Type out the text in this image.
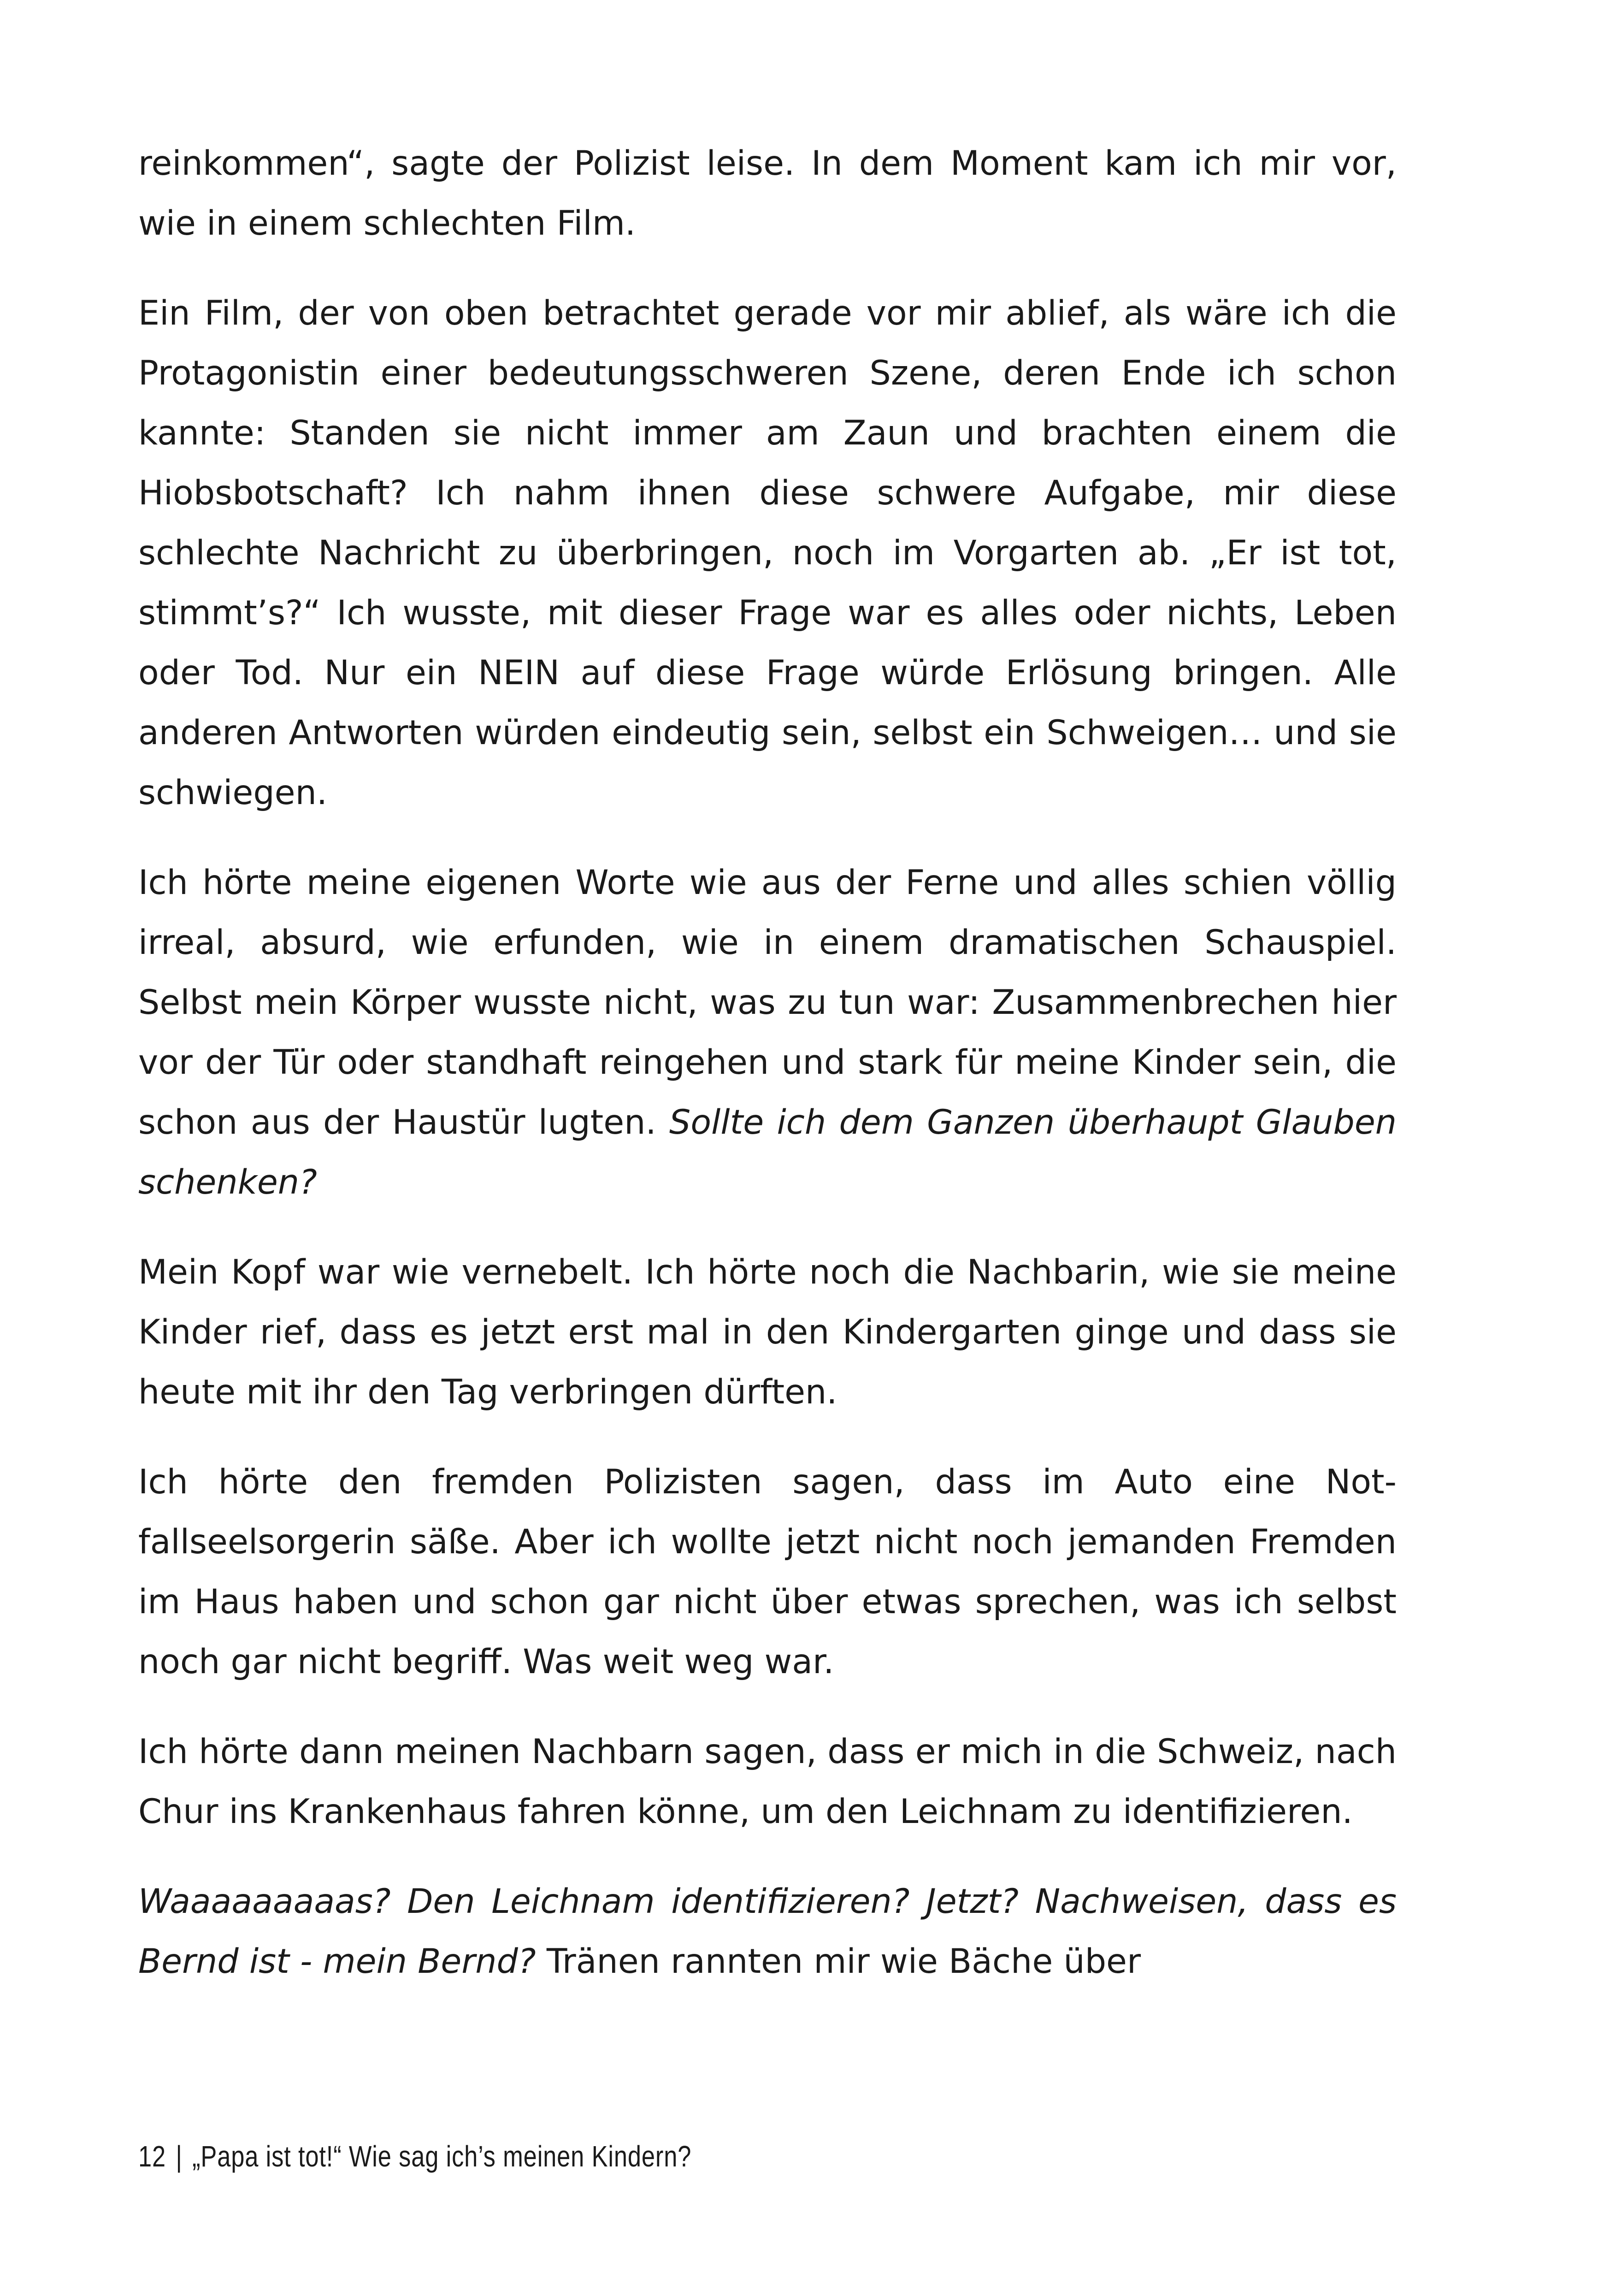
reinkommen“, sagte der Polizist leise. In dem Moment kam ich mir vor, wie in einem schlechten Film.

Ein Film, der von oben betrachtet gerade vor mir ablief, als wäre ich die Protagonistin einer bedeutungsschweren Szene, deren Ende ich schon kannte: Standen sie nicht immer am Zaun und brachten einem die Hiobsbotschaft? Ich nahm ihnen diese schwere Aufgabe, mir diese schlechte Nachricht zu überbringen, noch im Vorgarten ab. „Er ist tot, stimmt’s?“ Ich wusste, mit dieser Frage war es alles oder nichts, Leben oder Tod. Nur ein NEIN auf diese Frage würde Erlösung bringen. Alle anderen Antworten würden eindeutig sein, selbst ein Schweigen… und sie schwiegen.

Ich hörte meine eigenen Worte wie aus der Ferne und alles schien völlig irreal, absurd, wie erfunden, wie in einem dramatischen Schauspiel. Selbst mein Körper wusste nicht, was zu tun war: Zusammenbrechen hier vor der Tür oder standhaft reingehen und stark für meine Kinder sein, die schon aus der Haustür lugten. Sollte ich dem Ganzen überhaupt Glauben schenken?

Mein Kopf war wie vernebelt. Ich hörte noch die Nachbarin, wie sie meine Kinder rief, dass es jetzt erst mal in den Kindergarten ginge und dass sie heute mit ihr den Tag verbringen dürften.

Ich hörte den fremden Polizisten sagen, dass im Auto eine Notfallseelsorgerin säße. Aber ich wollte jetzt nicht noch jemanden Fremden im Haus haben und schon gar nicht über etwas sprechen, was ich selbst noch gar nicht begriff. Was weit weg war.

Ich hörte dann meinen Nachbarn sagen, dass er mich in die Schweiz, nach Chur ins Krankenhaus fahren könne, um den Leichnam zu identifizieren.

Waaaaaaaaas? Den Leichnam identifizieren? Jetzt? Nachweisen, dass es Bernd ist - mein Bernd? Tränen rannten mir wie Bäche über

12 | „Papa ist tot!“ Wie sag ich’s meinen Kindern?
